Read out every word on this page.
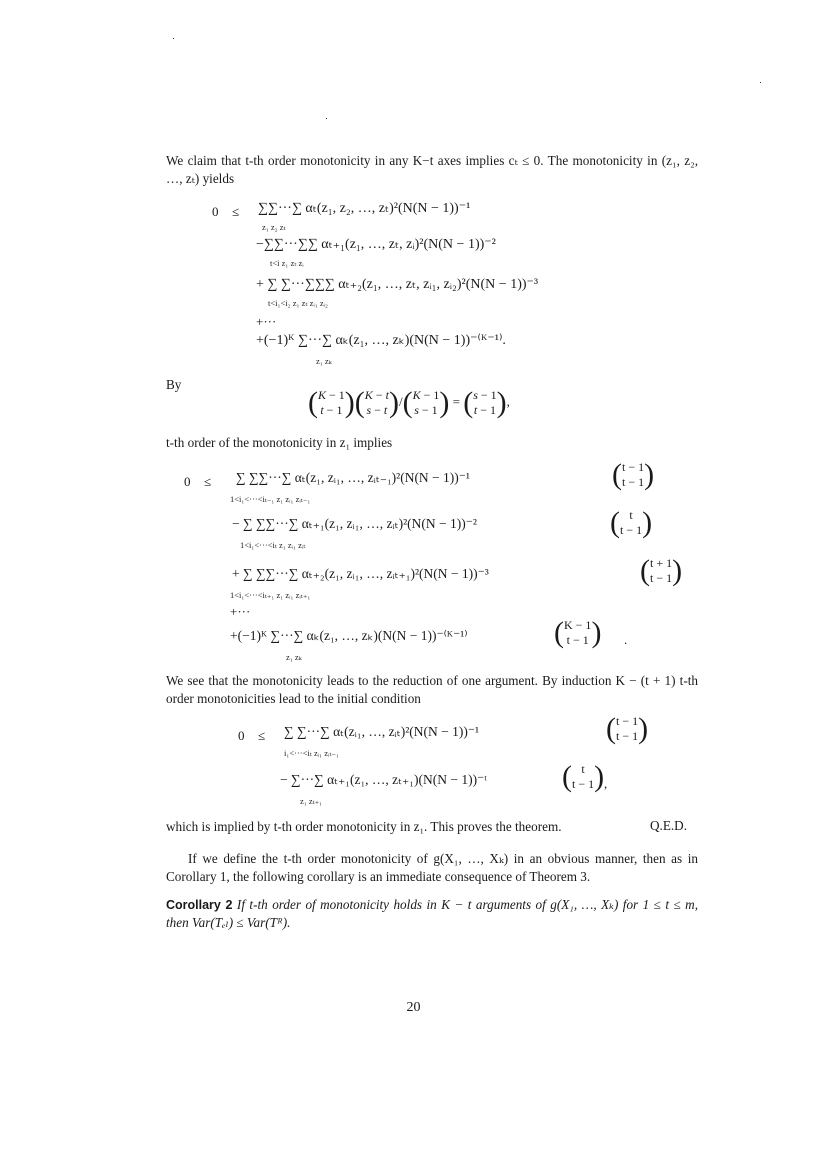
We claim that t-th order monotonicity in any K−t axes implies cₜ ≤ 0. The monotonicity in (z₁, z₂, …, zₜ) yields
0 ≤ ∑∑···∑ αₜ(z₁, z₂, …, zₜ)²(N(N − 1))⁻¹
z₁ z₂ zₜ
−∑∑···∑∑ αₜ₊₁(z₁, …, zₜ, zᵢ)²(N(N − 1))⁻²
t<i z₁ zₜ zᵢ
+ ∑ ∑···∑∑∑ αₜ₊₂(z₁, …, zₜ, zᵢ₁, zᵢ₂)²(N(N − 1))⁻³
t<i₁<i₂ z₁ zₜ zᵢ₁ zᵢ₂
+···
+(−1)ᴷ ∑···∑ αₖ(z₁, …, zₖ)(N(N − 1))⁻⁽ᴷ⁻¹⁾.
z₁ zₖ
By
(K − 1
t − 1)(K − t
s − t)/(K − 1
s − 1) = (s − 1
t − 1),
t-th order of the monotonicity in z₁ implies
0 ≤ ∑ ∑∑···∑ αₜ(z₁, zᵢ₁, …, zᵢₜ₋₁)²(N(N − 1))⁻¹	(t − 1
t − 1)
1<i₁<···<iₜ₋₁ z₁ zᵢ₁ zᵢₜ₋₁
− ∑ ∑∑···∑ αₜ₊₁(z₁, zᵢ₁, …, zᵢₜ)²(N(N − 1))⁻²	( t
t − 1)
1<i₁<···<iₜ z₁ zᵢ₁ zᵢₜ
+ ∑ ∑∑···∑ αₜ₊₂(z₁, zᵢ₁, …, zᵢₜ₊₁)²(N(N − 1))⁻³	(t + 1
t − 1)
1<i₁<···<iₜ₊₁ z₁ zᵢ₁ zᵢₜ₊₁
+···
+(−1)ᴷ ∑···∑ αₖ(z₁, …, zₖ)(N(N − 1))⁻⁽ᴷ⁻¹⁾	(K − 1
t − 1) .
z₁ zₖ
We see that the monotonicity leads to the reduction of one argument. By induction K − (t + 1) t-th order monotonicities lead to the initial condition
0 ≤ ∑ ∑···∑ αₜ(zᵢ₁, …, zᵢₜ)²(N(N − 1))⁻¹	(t − 1
t − 1)
i₁<···<iₜ zᵢ₁ zᵢₜ₋₁
− ∑···∑ αₜ₊₁(z₁, …, zₜ₊₁)(N(N − 1))⁻ᵗ	( t
t − 1) ,
z₁ zₜ₊₁
which is implied by t-th order monotonicity in z₁. This proves the theorem.	Q.E.D.
If we define the t-th order monotonicity of g(X₁, …, Xₖ) in an obvious manner, then as in Corollary 1, the following corollary is an immediate consequence of Theorem 3.
Corollary 2 If t-th order of monotonicity holds in K − t arguments of g(X₁, …, Xₖ) for 1 ≤ t ≤ m, then Var(Tₑₗ) ≤ Var(Tᴿ).
20
